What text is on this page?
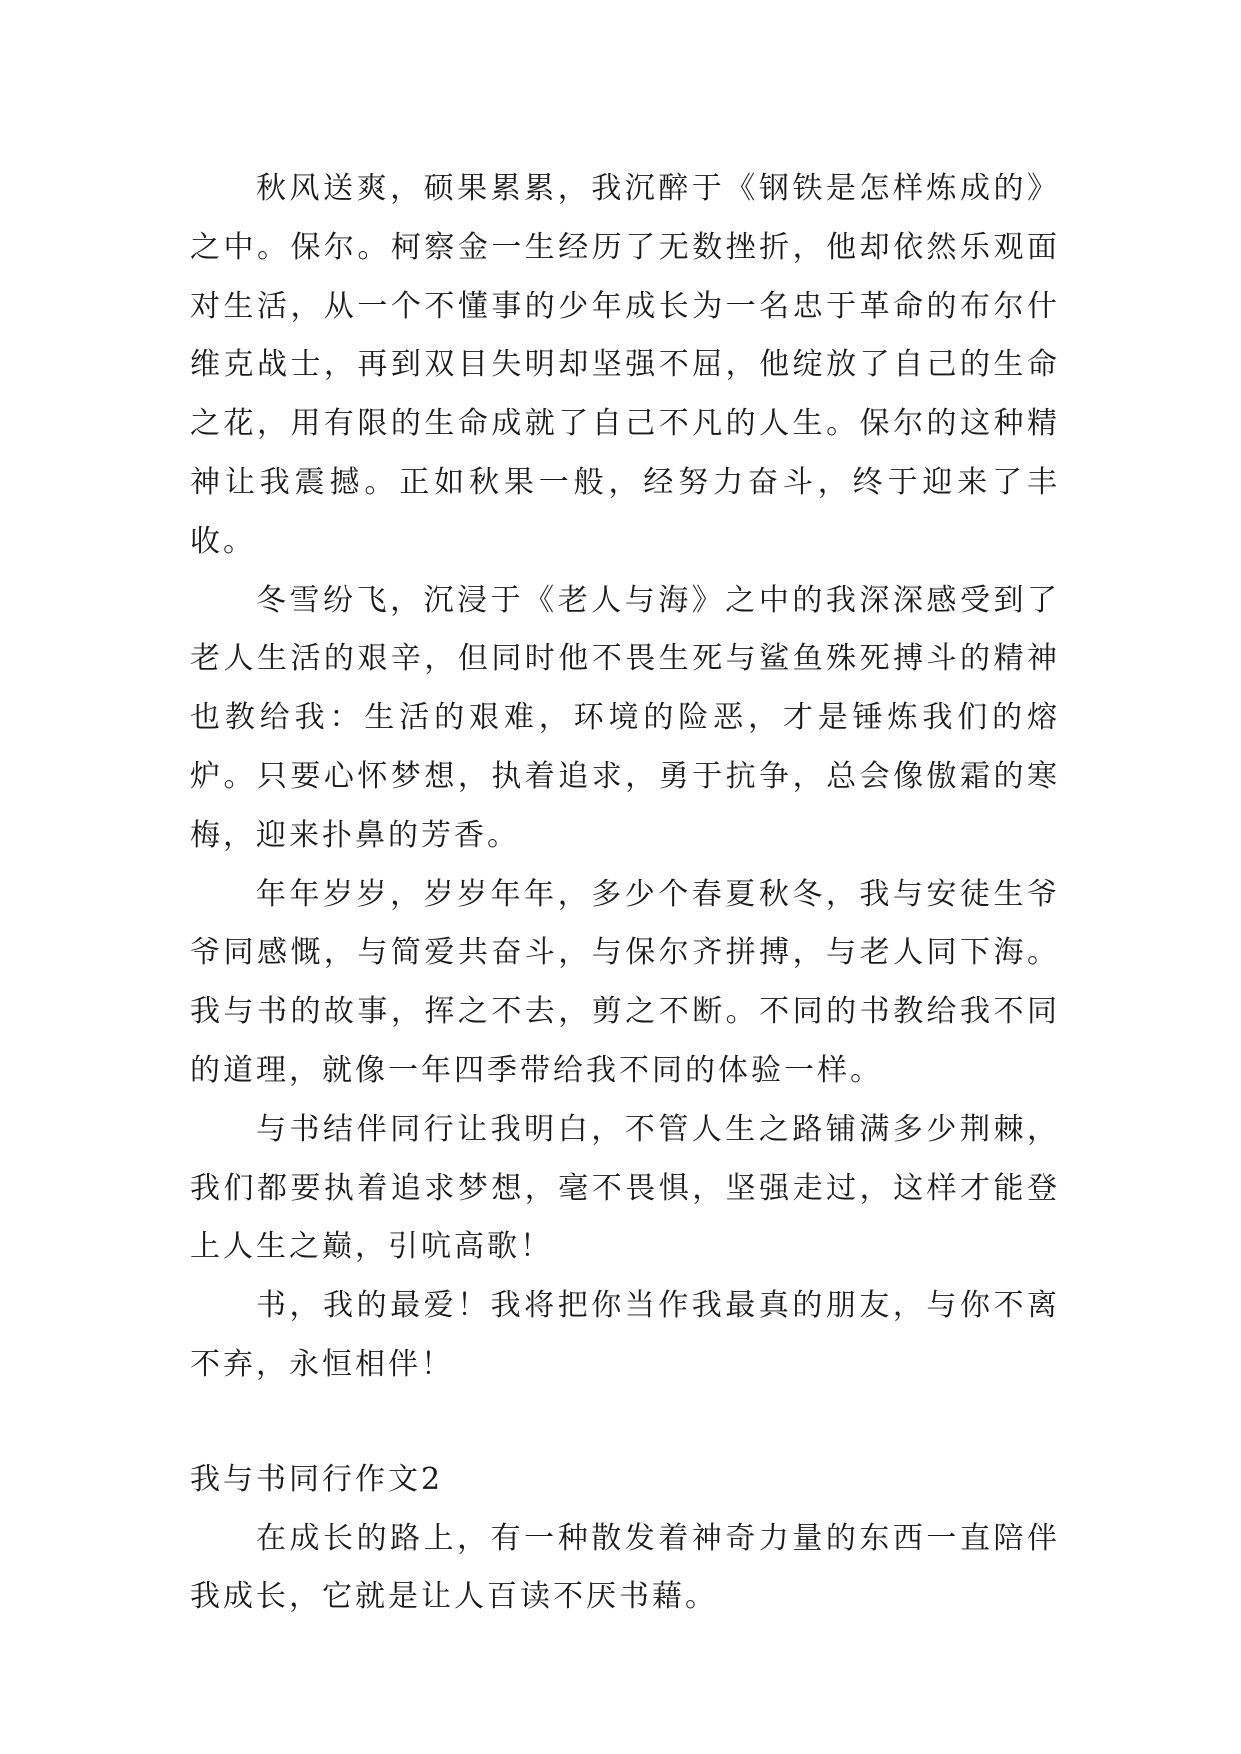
秋风送爽，硕果累累，我沉醉于《钢铁是怎样炼成的》之中。保尔。柯察金一生经历了无数挫折，他却依然乐观面对生活，从一个不懂事的少年成长为一名忠于革命的布尔什维克战士，再到双目失明却坚强不屈，他绽放了自己的生命之花，用有限的生命成就了自己不凡的人生。保尔的这种精神让我震撼。正如秋果一般，经努力奋斗，终于迎来了丰收。

冬雪纷飞，沉浸于《老人与海》之中的我深深感受到了老人生活的艰辛，但同时他不畏生死与鲨鱼殊死搏斗的精神也教给我：生活的艰难，环境的险恶，才是锤炼我们的熔炉。只要心怀梦想，执着追求，勇于抗争，总会像傲霜的寒梅，迎来扑鼻的芳香。

年年岁岁，岁岁年年，多少个春夏秋冬，我与安徒生爷爷同感慨，与简爱共奋斗，与保尔齐拼搏，与老人同下海。我与书的故事，挥之不去，剪之不断。不同的书教给我不同的道理，就像一年四季带给我不同的体验一样。

与书结伴同行让我明白，不管人生之路铺满多少荆棘，我们都要执着追求梦想，毫不畏惧，坚强走过，这样才能登上人生之巅，引吭高歌！

书，我的最爱！我将把你当作我最真的朋友，与你不离不弃，永恒相伴！

我与书同行作文2

在成长的路上，有一种散发着神奇力量的东西一直陪伴我成长，它就是让人百读不厌书藉。
